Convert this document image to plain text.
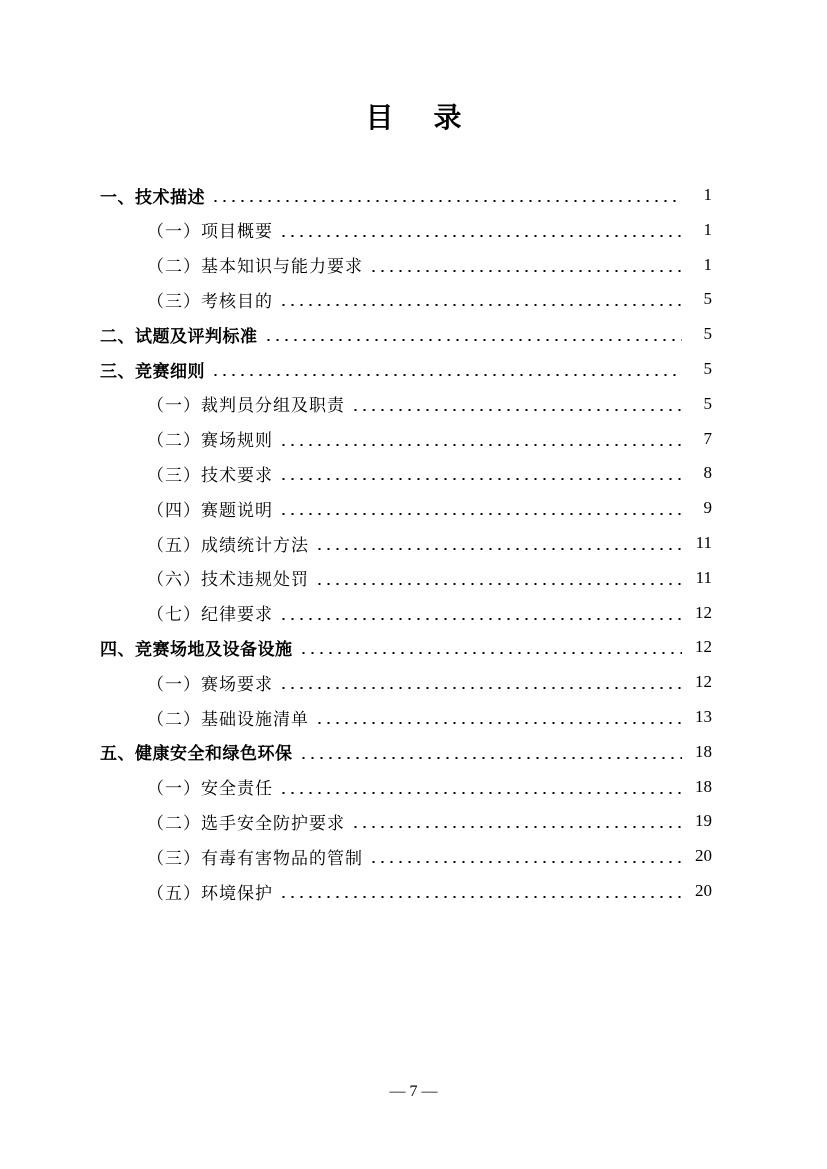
目录
一、技术描述	1
（一）项目概要	1
（二）基本知识与能力要求	1
（三）考核目的	5
二、试题及评判标准	5
三、竞赛细则	5
（一）裁判员分组及职责	5
（二）赛场规则	7
（三）技术要求	8
（四）赛题说明	9
（五）成绩统计方法	11
（六）技术违规处罚	11
（七）纪律要求	12
四、竞赛场地及设备设施	12
（一）赛场要求	12
（二）基础设施清单	13
五、健康安全和绿色环保	18
（一）安全责任	18
（二）选手安全防护要求	19
（三）有毒有害物品的管制	20
（五）环境保护	20
— 7 —
